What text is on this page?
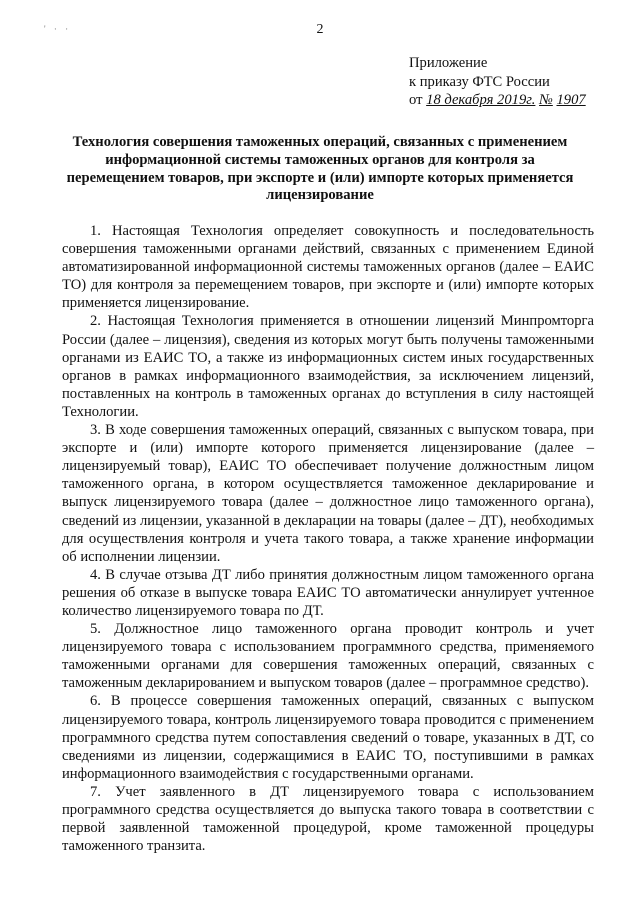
' · ·	2
Приложение
к приказу ФТС России
от 18 декабря 2019г. № 1907
Технология совершения таможенных операций, связанных с применением информационной системы таможенных органов для контроля за перемещением товаров, при экспорте и (или) импорте которых применяется лицензирование

1. Настоящая Технология определяет совокупность и последовательность совершения таможенными органами действий, связанных с применением Единой автоматизированной информационной системы таможенных органов (далее – ЕАИС ТО) для контроля за перемещением товаров, при экспорте и (или) импорте которых применяется лицензирование.

2. Настоящая Технология применяется в отношении лицензий Минпромторга России (далее – лицензия), сведения из которых могут быть получены таможенными органами из ЕАИС ТО, а также из информационных систем иных государственных органов в рамках информационного взаимодействия, за исключением лицензий, поставленных на контроль в таможенных органах до вступления в силу настоящей Технологии.

3. В ходе совершения таможенных операций, связанных с выпуском товара, при экспорте и (или) импорте которого применяется лицензирование (далее – лицензируемый товар), ЕАИС ТО обеспечивает получение должностным лицом таможенного органа, в котором осуществляется таможенное декларирование и выпуск лицензируемого товара (далее – должностное лицо таможенного органа), сведений из лицензии, указанной в декларации на товары (далее – ДТ), необходимых для осуществления контроля и учета такого товара, а также хранение информации об исполнении лицензии.

4. В случае отзыва ДТ либо принятия должностным лицом таможенного органа решения об отказе в выпуске товара ЕАИС ТО автоматически аннулирует учтенное количество лицензируемого товара по ДТ.

5. Должностное лицо таможенного органа проводит контроль и учет лицензируемого товара с использованием программного средства, применяемого таможенными органами для совершения таможенных операций, связанных с таможенным декларированием и выпуском товаров (далее – программное средство).

6. В процессе совершения таможенных операций, связанных с выпуском лицензируемого товара, контроль лицензируемого товара проводится с применением программного средства путем сопоставления сведений о товаре, указанных в ДТ, со сведениями из лицензии, содержащимися в ЕАИС ТО, поступившими в рамках информационного взаимодействия с государственными органами.

7. Учет заявленного в ДТ лицензируемого товара с использованием программного средства осуществляется до выпуска такого товара в соответствии с первой заявленной таможенной процедурой, кроме таможенной процедуры таможенного транзита.
